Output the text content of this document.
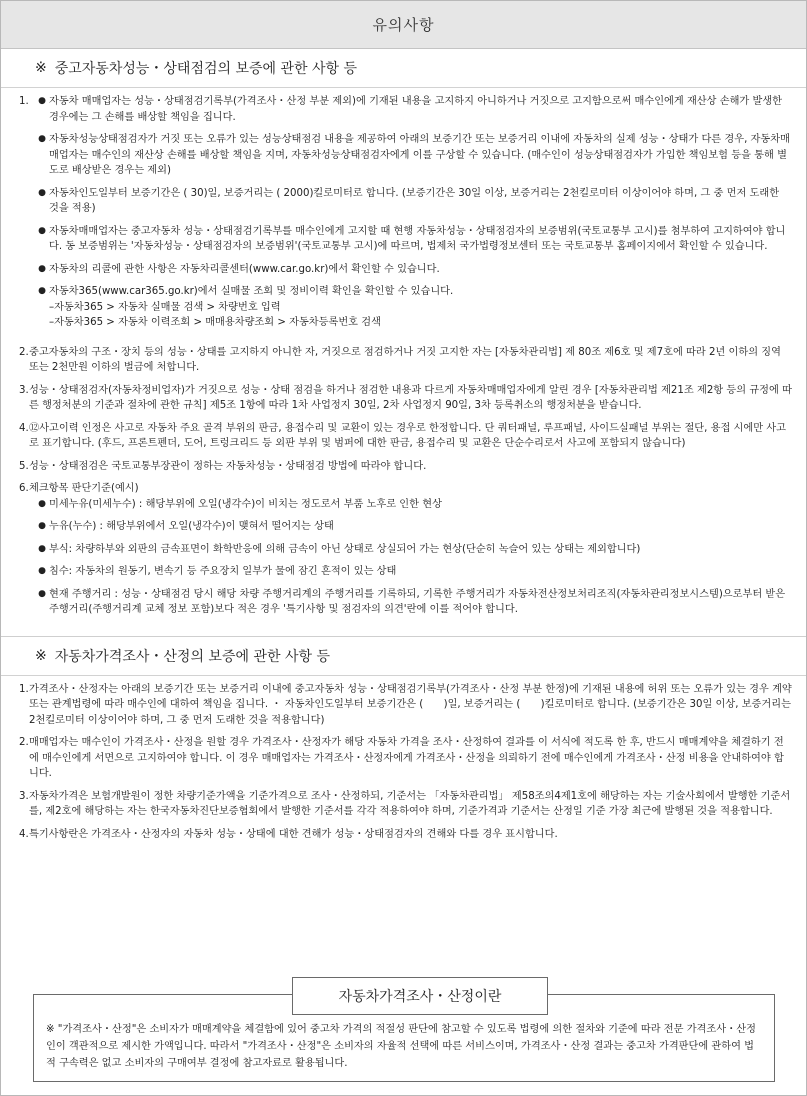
유의사항
※ 중고자동차성능・상태점검의 보증에 관한 사항 등
1.	● 자동차 매매업자는 성능・상태점검기록부(가격조사・산정 부분 제외)에 기재된 내용을 고지하지 아니하거나 거짓으로 고지함으로써 매수인에게 재산상 손해가 발생한 경우에는 그 손해를 배상할 책임을 집니다.
● 자동차성능상태점검자가 거짓 또는 오류가 있는 성능상태점검 내용을 제공하여 아래의 보증기간 또는 보증거리 이내에 자동차의 실제 성능・상태가 다른 경우, 자동차매매업자는 매수인의 재산상 손해를 배상할 책임을 지며, 자동차성능상태점검자에게 이를 구상할 수 있습니다. (매수인이 성능상태점검자가 가입한 책임보험 등을 통해 별도로 배상받은 경우는 제외)
● 자동차인도일부터 보증기간은 ( 30)일, 보증거리는 ( 2000)킬로미터로 합니다. (보증기간은 30일 이상, 보증거리는 2천킬로미터 이상이어야 하며, 그 중 먼저 도래한 것을 적용)
● 자동차매매업자는 중고자동차 성능・상태점검기록부를 매수인에게 고지할 때 현행 자동차성능・상태점검자의 보증범위(국토교통부 고시)를 첨부하여 고지하여야 합니다. 동 보증범위는 '자동차성능・상태점검자의 보증범위'(국토교통부 고시)에 따르며, 법제처 국가법령정보센터 또는 국토교통부 홈페이지에서 확인할 수 있습니다.
● 자동차의 리콜에 관한 사항은 자동차리콜센터(www.car.go.kr)에서 확인할 수 있습니다.
● 자동차365(www.car365.go.kr)에서 실매물 조회 및 정비이력 확인을 확인할 수 있습니다.
–자동차365 > 자동차 실매물 검색 > 차량번호 입력
–자동차365 > 자동차 이력조회 > 매매용차량조회 > 자동차등록번호 검색
2. 중고자동차의 구조・장치 등의 성능・상태를 고지하지 아니한 자, 거짓으로 점검하거나 거짓 고지한 자는 [자동차관리법] 제 80조 제6호 및 제7호에 따라 2년 이하의 징역 또는 2천만원 이하의 벌금에 처합니다.
3. 성능・상태점검자(자동차정비업자)가 거짓으로 성능・상태 점검을 하거나 점검한 내용과 다르게 자동차매매업자에게 알린 경우 [자동차관리법 제21조 제2항 등의 규정에 따른 행정처분의 기준과 절차에 관한 규칙] 제5조 1항에 따라 1차 사업정지 30일, 2차 사업정지 90일, 3차 등록취소의 행정처분을 받습니다.
4. ⑫사고이력 인정은 사고로 자동차 주요 골격 부위의 판금, 용접수리 및 교환이 있는 경우로 한정합니다. 단 쿼터패널, 루프패널, 사이드실패널 부위는 절단, 용접 시에만 사고로 표기합니다. (후드, 프론트펜더, 도어, 트렁크리드 등 외판 부위 및 범퍼에 대한 판금, 용접수리 및 교환은 단순수리로서 사고에 포함되지 않습니다)
5. 성능・상태점검은 국토교통부장관이 정하는 자동차성능・상태점검 방법에 따라야 합니다.
6. 체크항목 판단기준(예시)
● 미세누유(미세누수) : 해당부위에 오일(냉각수)이 비치는 정도로서 부품 노후로 인한 현상
● 누유(누수) : 해당부위에서 오일(냉각수)이 맺혀서 떨어지는 상태
● 부식: 차량하부와 외판의 금속표면이 화학반응에 의해 금속이 아닌 상태로 상실되어 가는 현상(단순히 녹슬어 있는 상태는 제외합니다)
● 침수: 자동차의 원동기, 변속기 등 주요장치 일부가 물에 잠긴 흔적이 있는 상태
● 현재 주행거리 : 성능・상태점검 당시 해당 차량 주행거리계의 주행거리를 기록하되, 기록한 주행거리가 자동차전산정보처리조직(자동차관리정보시스템)으로부터 받은 주행거리(주행거리계 교체 정보 포함)보다 적은 경우 '특기사항 및 점검자의 의견'란에 이를 적어야 합니다.
※ 자동차가격조사・산정의 보증에 관한 사항 등
1. 가격조사・산정자는 아래의 보증기간 또는 보증거리 이내에 중고자동차 성능・상태점검기록부(가격조사・산정 부분 한정)에 기재된 내용에 허위 또는 오류가 있는 경우 계약 또는 관계법령에 따라 매수인에 대하여 책임을 집니다. ・ 자동차인도일부터 보증기간은 (　　)일, 보증거리는 (　　)킬로미터로 합니다. (보증기간은 30일 이상, 보증거리는 2천킬로미터 이상이어야 하며, 그 중 먼저 도래한 것을 적용합니다)
2. 매매업자는 매수인이 가격조사・산정을 원할 경우 가격조사・산정자가 해당 자동차 가격을 조사・산정하여 결과를 이 서식에 적도록 한 후, 반드시 매매계약을 체결하기 전에 매수인에게 서면으로 고지하여야 합니다. 이 경우 매매업자는 가격조사・산정자에게 가격조사・산정을 의뢰하기 전에 매수인에게 가격조사・산정 비용을 안내하여야 합니다.
3. 자동차가격은 보험개발원이 정한 차량기준가액을 기준가격으로 조사・산정하되, 기준서는 「자동차관리법」 제58조의4제1호에 해당하는 자는 기술사회에서 발행한 기준서를, 제2호에 해당하는 자는 한국자동차진단보증협회에서 발행한 기준서를 각각 적용하여야 하며, 기준가격과 기준서는 산정일 기준 가장 최근에 발행된 것을 적용합니다.
4. 특기사항란은 가격조사・산정자의 자동차 성능・상태에 대한 견해가 성능・상태점검자의 견해와 다를 경우 표시합니다.
자동차가격조사・산정이란
※ "가격조사・산정"은 소비자가 매매계약을 체결함에 있어 중고차 가격의 적절성 판단에 참고할 수 있도록 법령에 의한 절차와 기준에 따라 전문 가격조사・산정인이 객관적으로 제시한 가액입니다. 따라서 "가격조사・산정"은 소비자의 자율적 선택에 따른 서비스이며, 가격조사・산정 결과는 중고차 가격판단에 관하여 법적 구속력은 없고 소비자의 구매여부 결정에 참고자료로 활용됩니다.
